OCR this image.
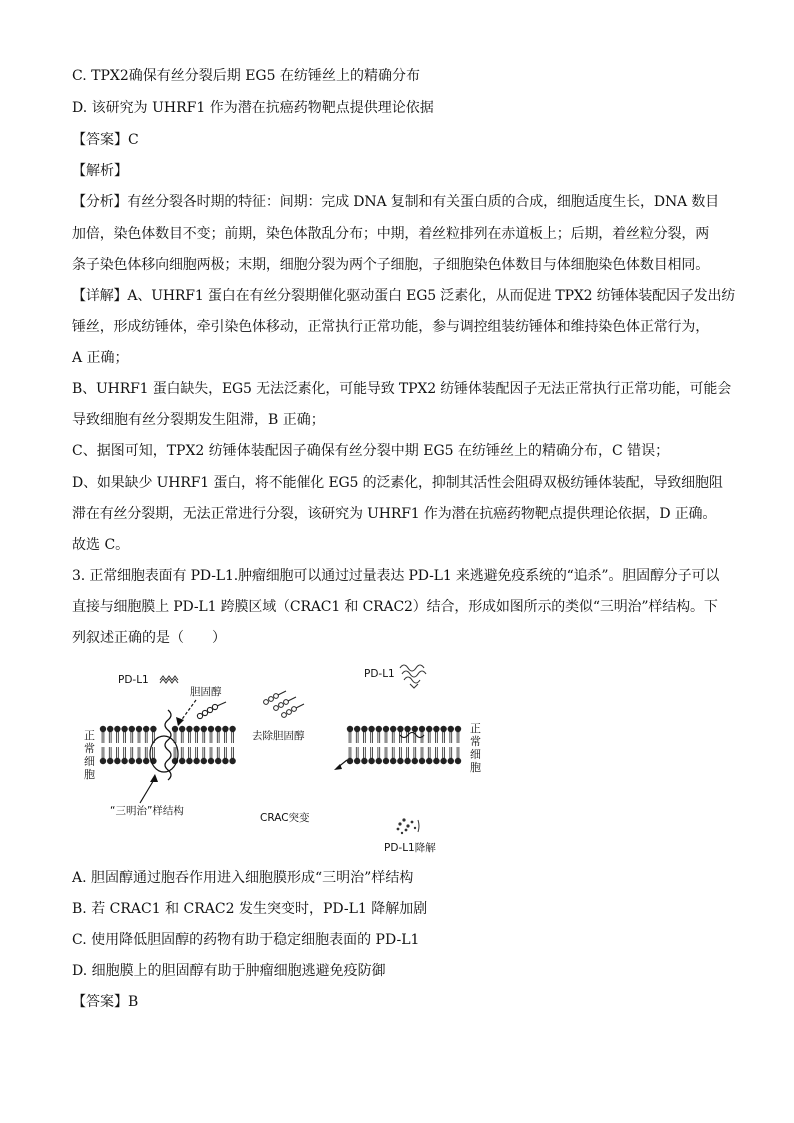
C. TPX2确保有丝分裂后期 EG5 在纺锤丝上的精确分布
D. 该研究为 UHRF1 作为潜在抗癌药物靶点提供理论依据
【答案】C
【解析】
【分析】有丝分裂各时期的特征：间期：完成 DNA 复制和有关蛋白质的合成，细胞适度生长，DNA 数目
加倍，染色体数目不变；前期，染色体散乱分布；中期，着丝粒排列在赤道板上；后期，着丝粒分裂，两
条子染色体移向细胞两极；末期，细胞分裂为两个子细胞，子细胞染色体数目与体细胞染色体数目相同。
【详解】A、UHRF1 蛋白在有丝分裂期催化驱动蛋白 EG5 泛素化，从而促进 TPX2 纺锤体装配因子发出纺
锤丝，形成纺锤体，牵引染色体移动，正常执行正常功能，参与调控组装纺锤体和维持染色体正常行为，
A 正确；
B、UHRF1 蛋白缺失，EG5 无法泛素化，可能导致 TPX2 纺锤体装配因子无法正常执行正常功能，可能会
导致细胞有丝分裂期发生阻滞，B 正确；
C、据图可知，TPX2 纺锤体装配因子确保有丝分裂中期 EG5 在纺锤丝上的精确分布，C 错误；
D、如果缺少 UHRF1 蛋白，将不能催化 EG5 的泛素化，抑制其活性会阻碍双极纺锤体装配，导致细胞阻
滞在有丝分裂期，无法正常进行分裂，该研究为 UHRF1 作为潜在抗癌药物靶点提供理论依据，D 正确。
故选 C。
3. 正常细胞表面有 PD-L1.肿瘤细胞可以通过过量表达 PD-L1 来逃避免疫系统的“追杀”。胆固醇分子可以
直接与细胞膜上 PD-L1 跨膜区域（CRAC1 和 CRAC2）结合，形成如图所示的类似“三明治”样结构。下
列叙述正确的是（　　）
PD-L1
胆固醇
去除胆固醇
PD-L1
正常细胞
正常细胞
“三明治”样结构
CRAC突变
PD-L1降解
A. 胆固醇通过胞吞作用进入细胞膜形成“三明治”样结构
B. 若 CRAC1 和 CRAC2 发生突变时，PD-L1 降解加剧
C. 使用降低胆固醇的药物有助于稳定细胞表面的 PD-L1
D. 细胞膜上的胆固醇有助于肿瘤细胞逃避免疫防御
【答案】B
